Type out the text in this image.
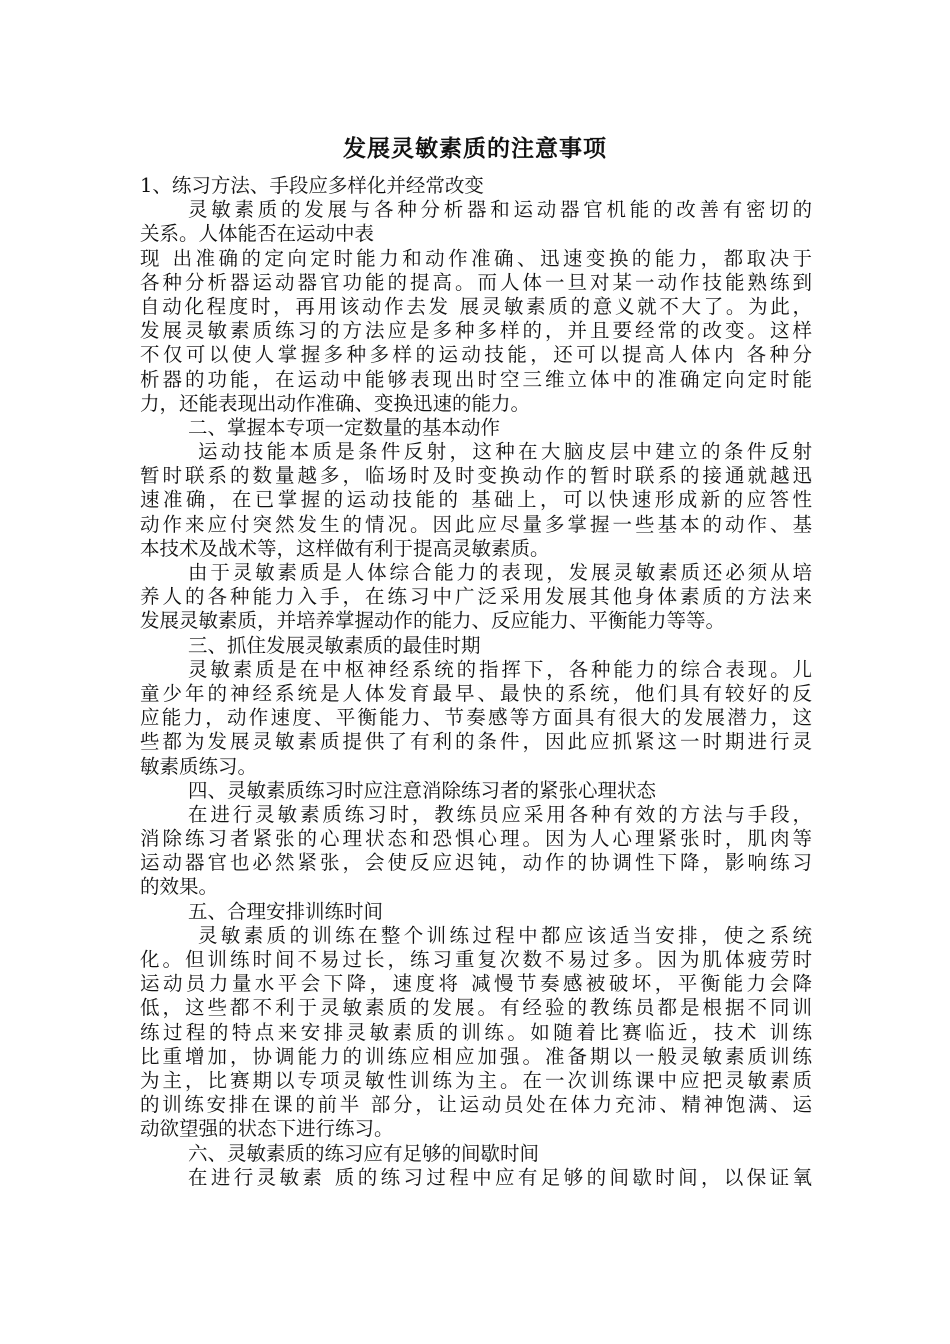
发展灵敏素质的注意事项
1、练习方法、手段应多样化并经常改变
灵敏素质的发展与各种分析器和运动器官机能的改善有密切的
关系。人体能否在运动中表
现 出准确的定向定时能力和动作准确、迅速变换的能力，都取决于
各种分析器运动器官功能的提高。而人体一旦对某一动作技能熟练到
自动化程度时，再用该动作去发 展灵敏素质的意义就不大了。为此，
发展灵敏素质练习的方法应是多种多样的，并且要经常的改变。这样
不仅可以使人掌握多种多样的运动技能，还可以提高人体内 各种分
析器的功能，在运动中能够表现出时空三维立体中的准确定向定时能
力，还能表现出动作准确、变换迅速的能力。
二、掌握本专项一定数量的基本动作
运动技能本质是条件反射，这种在大脑皮层中建立的条件反射
暂时联系的数量越多，临场时及时变换动作的暂时联系的接通就越迅
速准确，在已掌握的运动技能的 基础上，可以快速形成新的应答性
动作来应付突然发生的情况。因此应尽量多掌握一些基本的动作、基
本技术及战术等，这样做有利于提高灵敏素质。
由于灵敏素质是人体综合能力的表现，发展灵敏素质还必须从培
养人的各种能力入手，在练习中广泛采用发展其他身体素质的方法来
发展灵敏素质，并培养掌握动作的能力、反应能力、平衡能力等等。
三、抓住发展灵敏素质的最佳时期
灵敏素质是在中枢神经系统的指挥下，各种能力的综合表现。儿
童少年的神经系统是人体发育最早、最快的系统，他们具有较好的反
应能力，动作速度、平衡能力、节奏感等方面具有很大的发展潜力，这
些都为发展灵敏素质提供了有利的条件，因此应抓紧这一时期进行灵
敏素质练习。
四、灵敏素质练习时应注意消除练习者的紧张心理状态
在进行灵敏素质练习时，教练员应采用各种有效的方法与手段，
消除练习者紧张的心理状态和恐惧心理。因为人心理紧张时，肌肉等
运动器官也必然紧张，会使反应迟钝，动作的协调性下降，影响练习
的效果。
五、合理安排训练时间
灵敏素质的训练在整个训练过程中都应该适当安排，使之系统
化。但训练时间不易过长，练习重复次数不易过多。因为肌体疲劳时
运动员力量水平会下降，速度将 减慢节奏感被破坏，平衡能力会降
低，这些都不利于灵敏素质的发展。有经验的教练员都是根据不同训
练过程的特点来安排灵敏素质的训练。如随着比赛临近，技术 训练
比重增加，协调能力的训练应相应加强。准备期以一般灵敏素质训练
为主，比赛期以专项灵敏性训练为主。在一次训练课中应把灵敏素质
的训练安排在课的前半 部分，让运动员处在体力充沛、精神饱满、运
动欲望强的状态下进行练习。
六、灵敏素质的练习应有足够的间歇时间
在进行灵敏素 质的练习过程中应有足够的间歇时间，以保证氧
